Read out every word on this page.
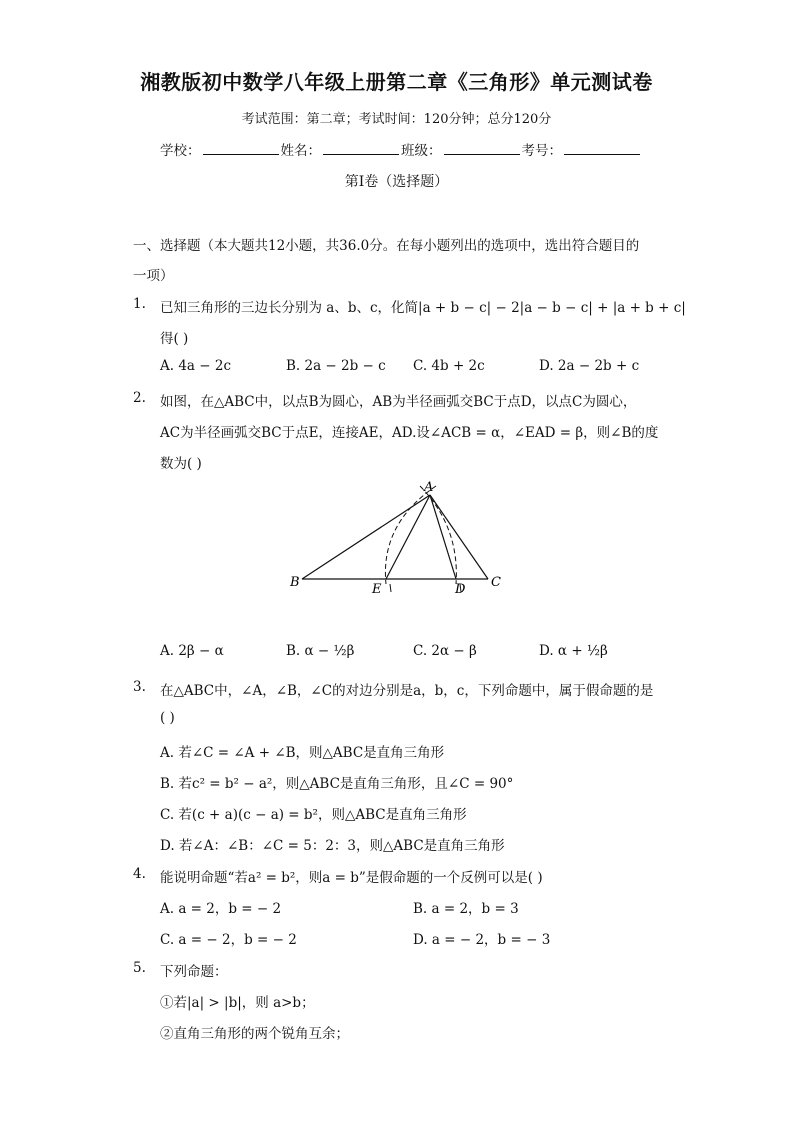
湘教版初中数学八年级上册第二章《三角形》单元测试卷
考试范围：第二章；考试时间：120分钟；总分120分
学校：	姓名：	班级：	考号：
第I卷（选择题）
一、选择题（本大题共12小题，共36.0分。在每小题列出的选项中，选出符合题目的
一项）
1. 已知三角形的三边长分别为 a、b、c，化简|a + b − c| − 2|a − b − c| + |a + b + c|
得( )
A. 4a − 2c	B. 2a − 2b − c C. 4b + 2c	D. 2a − 2b + c
2. 如图，在△ABC中，以点B为圆心，AB为半径画弧交BC于点D，以点C为圆心，
AC为半径画弧交BC于点E，连接AE，AD.设∠ACB = α，∠EAD = β，则∠B的度
数为( )
A
B	C
E	D
A. 2β − α	B. α − ½β	C. 2α − β	D. α + ½β
3. 在△ABC中，∠A，∠B，∠C的对边分别是a，b，c，下列命题中，属于假命题的是
( )
A. 若∠C = ∠A + ∠B，则△ABC是直角三角形
B. 若c² = b² − a²，则△ABC是直角三角形，且∠C = 90°
C. 若(c + a)(c − a) = b²，则△ABC是直角三角形
D. 若∠A：∠B：∠C = 5：2：3，则△ABC是直角三角形
4. 能说明命题“若a² = b²，则a = b”是假命题的一个反例可以是( )
A. a = 2，b = − 2	B. a = 2，b = 3
C. a = − 2，b = − 2	D. a = − 2，b = − 3
5. 下列命题：
①若|a| > |b|，则 a>b；
②直角三角形的两个锐角互余；
